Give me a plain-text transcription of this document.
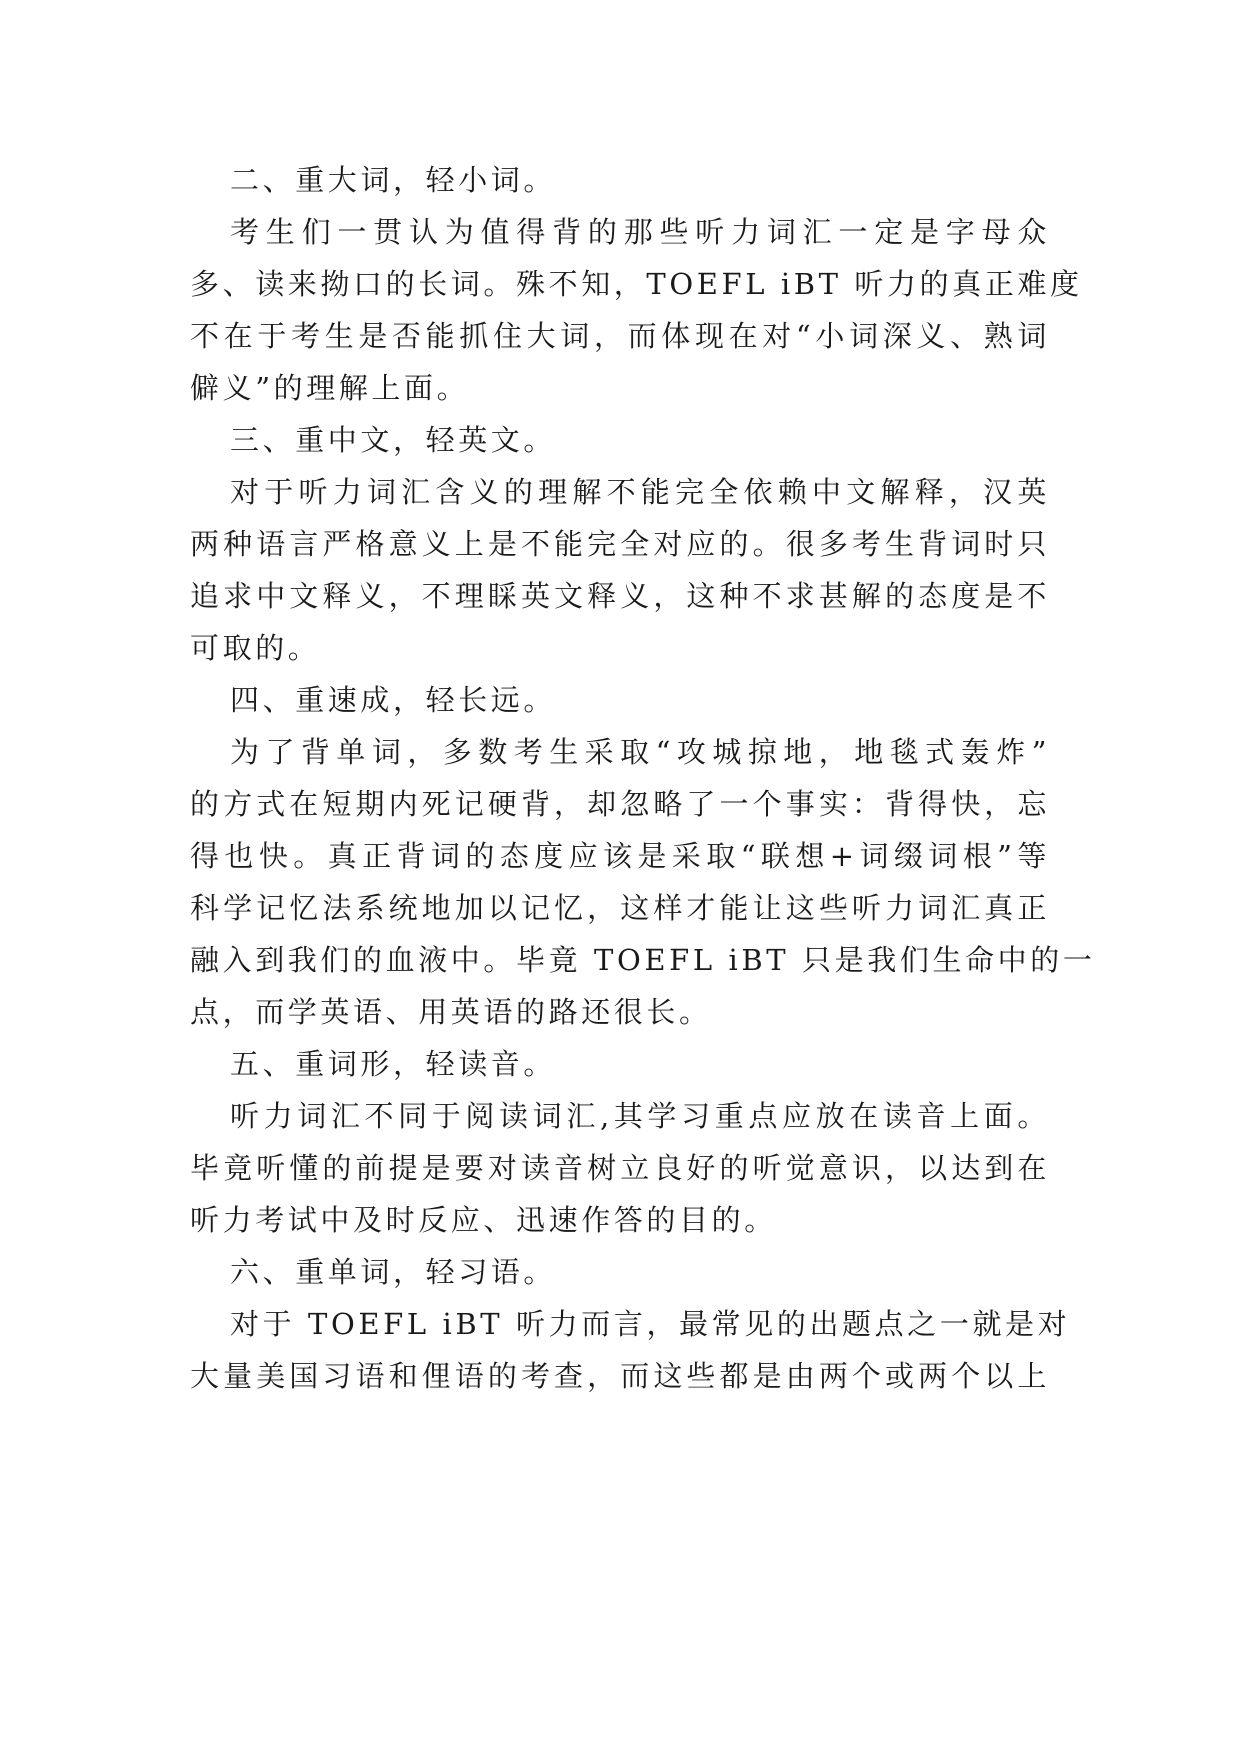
二、重大词，轻小词。
考生们一贯认为值得背的那些听力词汇一定是字母众
多、读来拗口的长词。殊不知，TOEFL iBT 听力的真正难度
不在于考生是否能抓住大词，而体现在对“小词深义、熟词
僻义”的理解上面。
三、重中文，轻英文。
对于听力词汇含义的理解不能完全依赖中文解释，汉英
两种语言严格意义上是不能完全对应的。很多考生背词时只
追求中文释义，不理睬英文释义，这种不求甚解的态度是不
可取的。
四、重速成，轻长远。
为了背单词，多数考生采取“攻城掠地，地毯式轰炸”
的方式在短期内死记硬背，却忽略了一个事实：背得快，忘
得也快。真正背词的态度应该是采取“联想+词缀词根”等
科学记忆法系统地加以记忆，这样才能让这些听力词汇真正
融入到我们的血液中。毕竟 TOEFL iBT 只是我们生命中的一
点，而学英语、用英语的路还很长。
五、重词形，轻读音。
听力词汇不同于阅读词汇,其学习重点应放在读音上面。
毕竟听懂的前提是要对读音树立良好的听觉意识，以达到在
听力考试中及时反应、迅速作答的目的。
六、重单词，轻习语。
对于 TOEFL iBT 听力而言，最常见的出题点之一就是对
大量美国习语和俚语的考查，而这些都是由两个或两个以上
